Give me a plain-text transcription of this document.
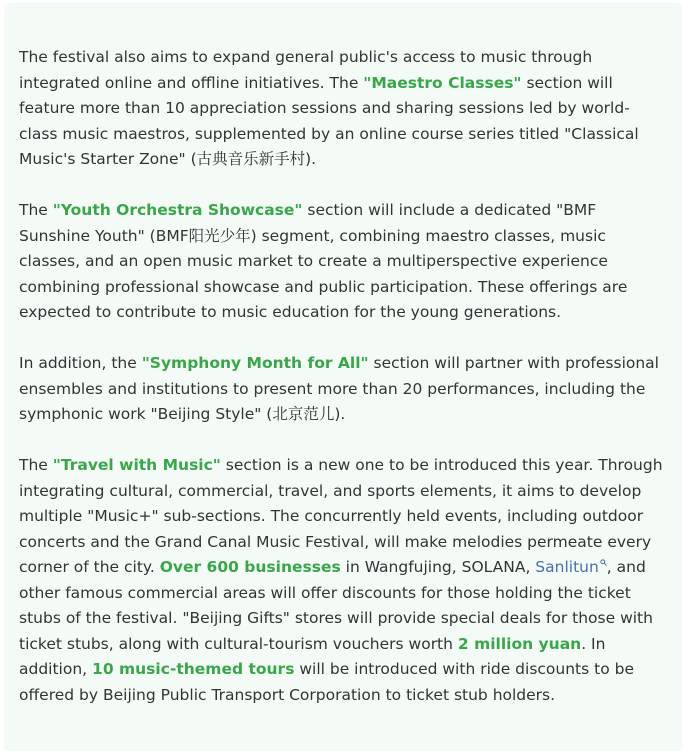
The festival also aims to expand general public's access to music through integrated online and offline initiatives. The "Maestro Classes" section will feature more than 10 appreciation sessions and sharing sessions led by world-class music maestros, supplemented by an online course series titled "Classical Music's Starter Zone" (古典音乐新手村).

The "Youth Orchestra Showcase" section will include a dedicated "BMF Sunshine Youth" (BMF阳光少年) segment, combining maestro classes, music classes, and an open music market to create a multiperspective experience combining professional showcase and public participation. These offerings are expected to contribute to music education for the young generations.

In addition, the "Symphony Month for All" section will partner with professional ensembles and institutions to present more than 20 performances, including the symphonic work "Beijing Style" (北京范儿).

The "Travel with Music" section is a new one to be introduced this year. Through integrating cultural, commercial, travel, and sports elements, it aims to develop multiple "Music+" sub-sections. The concurrently held events, including outdoor concerts and the Grand Canal Music Festival, will make melodies permeate every corner of the city. Over 600 businesses in Wangfujing, SOLANA, Sanlitun , and other famous commercial areas will offer discounts for those holding the ticket stubs of the festival. "Beijing Gifts" stores will provide special deals for those with ticket stubs, along with cultural-tourism vouchers worth 2 million yuan. In addition, 10 music-themed tours will be introduced with ride discounts to be offered by Beijing Public Transport Corporation to ticket stub holders.
